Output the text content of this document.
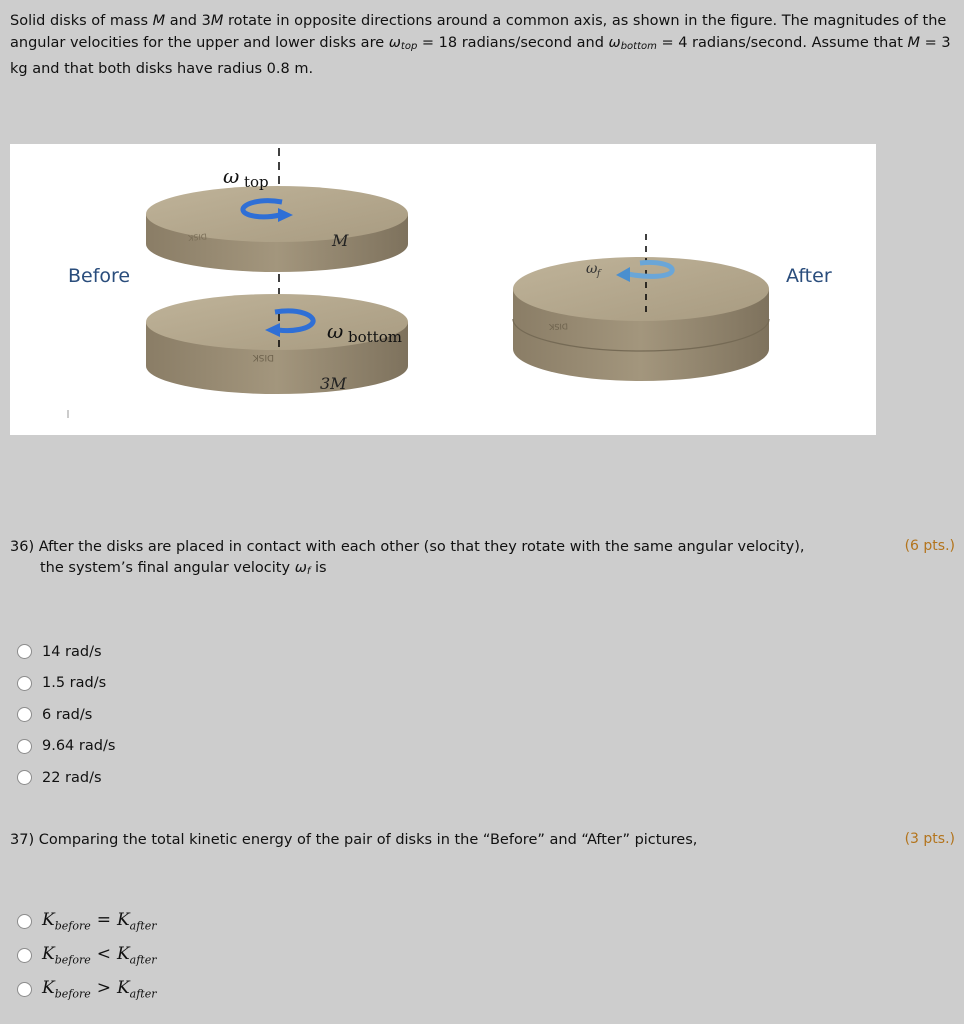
Solid disks of mass M and 3M rotate in opposite directions around a common axis, as shown in the figure. The magnitudes of the angular velocities for the upper and lower disks are $\omega_{top} = 18$ radians/second and $\omega_{bottom} = 4$ radians/second. Assume that M = 3 kg and that both disks have radius 0.8 m.

Before	After
DISK
DISK
ω top
ω bottom
M
3M
DISK
ω f
36) After the disks are placed in contact with each other (so that they rotate with the same angular velocity),
the system’s final angular velocity $\omega_f$ is
(6 pts.)
14 rad/s
1.5 rad/s
6 rad/s
9.64 rad/s
22 rad/s
37) Comparing the total kinetic energy of the pair of disks in the “Before” and “After” pictures,	(3 pts.)
$K_{before} = K_{after}$
$K_{before} < K_{after}$
$K_{before} > K_{after}$
